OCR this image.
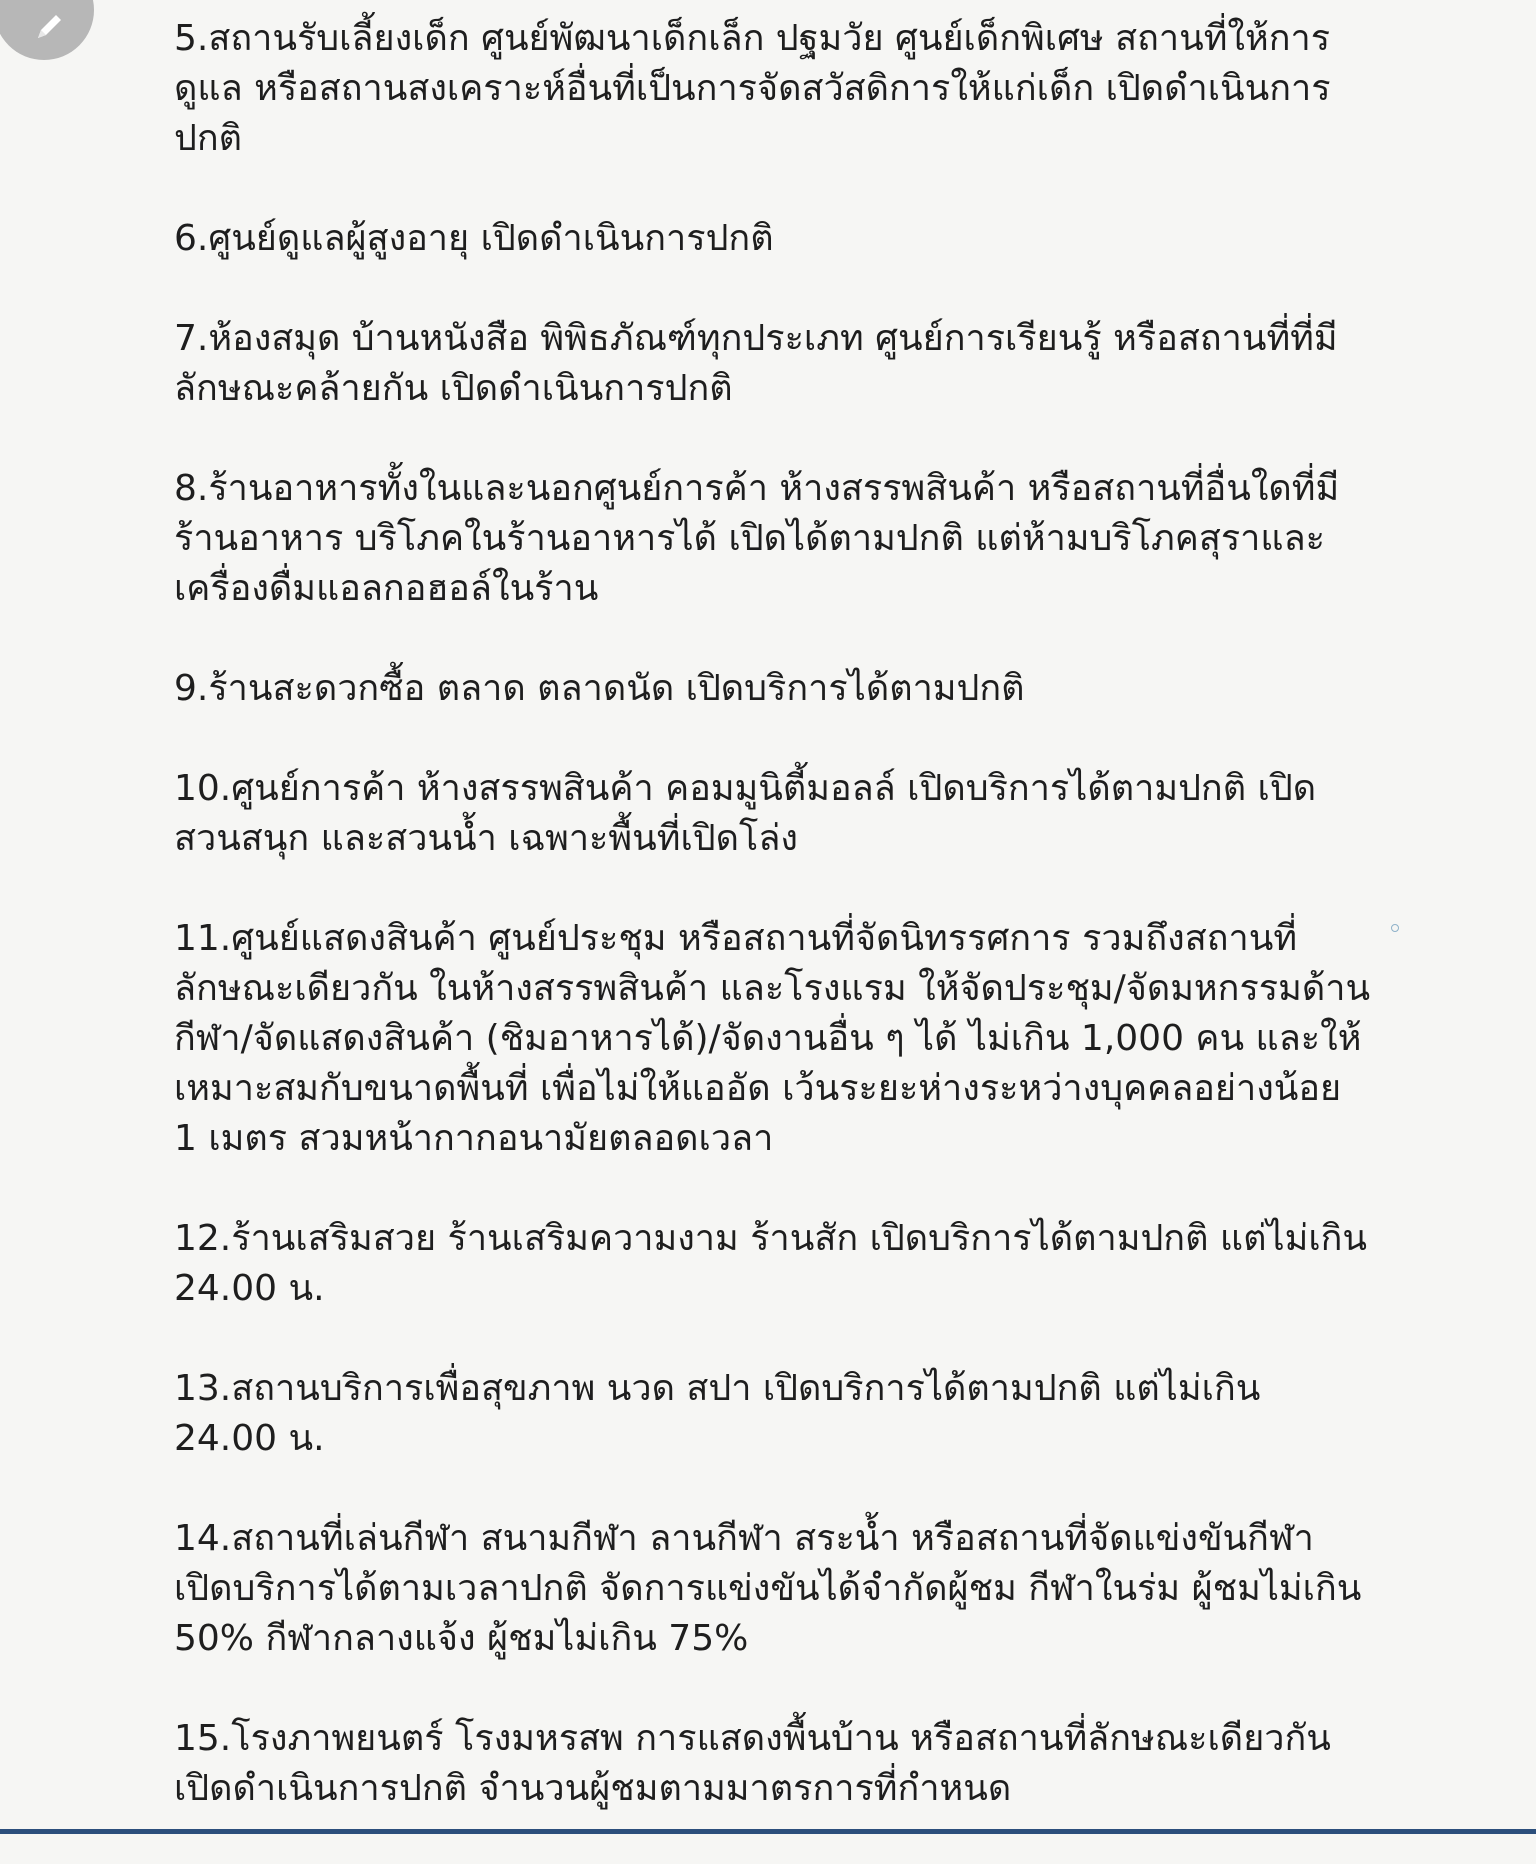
5.สถานรับเลี้ยงเด็ก ศูนย์พัฒนาเด็กเล็ก ปฐมวัย ศูนย์เด็กพิเศษ สถานที่ให้การดูแล หรือสถานสงเคราะห์อื่นที่เป็นการจัดสวัสดิการให้แก่เด็ก เปิดดำเนินการปกติ

6.ศูนย์ดูแลผู้สูงอายุ เปิดดำเนินการปกติ

7.ห้องสมุด บ้านหนังสือ พิพิธภัณฑ์ทุกประเภท ศูนย์การเรียนรู้ หรือสถานที่ที่มีลักษณะคล้ายกัน เปิดดำเนินการปกติ

8.ร้านอาหารทั้งในและนอกศูนย์การค้า ห้างสรรพสินค้า หรือสถานที่อื่นใดที่มีร้านอาหาร บริโภคในร้านอาหารได้ เปิดได้ตามปกติ แต่ห้ามบริโภคสุราและเครื่องดื่มแอลกอฮอล์ในร้าน

9.ร้านสะดวกซื้อ ตลาด ตลาดนัด เปิดบริการได้ตามปกติ

10.ศูนย์การค้า ห้างสรรพสินค้า คอมมูนิตี้มอลล์ เปิดบริการได้ตามปกติ เปิดสวนสนุก และสวนน้ำ เฉพาะพื้นที่เปิดโล่ง

11.ศูนย์แสดงสินค้า ศูนย์ประชุม หรือสถานที่จัดนิทรรศการ รวมถึงสถานที่ลักษณะเดียวกัน ในห้างสรรพสินค้า และโรงแรม ให้จัดประชุม/จัดมหกรรมด้านกีฬา/จัดแสดงสินค้า (ชิมอาหารได้)/จัดงานอื่น ๆ ได้ ไม่เกิน 1,000 คน และให้เหมาะสมกับขนาดพื้นที่ เพื่อไม่ให้แออัด เว้นระยะห่างระหว่างบุคคลอย่างน้อย 1 เมตร สวมหน้ากากอนามัยตลอดเวลา

12.ร้านเสริมสวย ร้านเสริมความงาม ร้านสัก เปิดบริการได้ตามปกติ แต่ไม่เกิน 24.00 น.

13.สถานบริการเพื่อสุขภาพ นวด สปา เปิดบริการได้ตามปกติ แต่ไม่เกิน 24.00 น.

14.สถานที่เล่นกีฬา สนามกีฬา ลานกีฬา สระน้ำ หรือสถานที่จัดแข่งขันกีฬา เปิดบริการได้ตามเวลาปกติ จัดการแข่งขันได้จำกัดผู้ชม กีฬาในร่ม ผู้ชมไม่เกิน 50% กีฬากลางแจ้ง ผู้ชมไม่เกิน 75%

15.โรงภาพยนตร์ โรงมหรสพ การแสดงพื้นบ้าน หรือสถานที่ลักษณะเดียวกัน เปิดดำเนินการปกติ จำนวนผู้ชมตามมาตรการที่กำหนด
